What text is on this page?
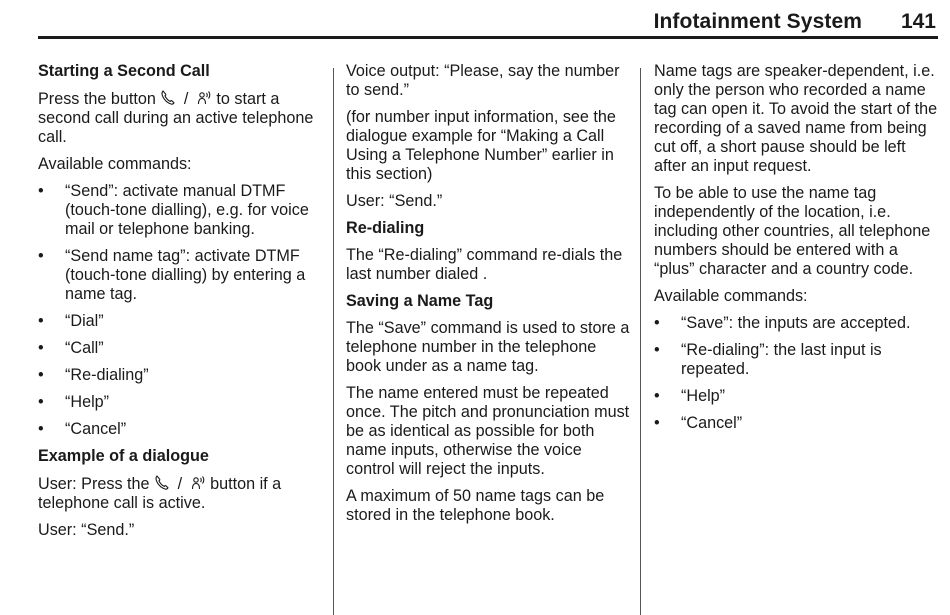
Infotainment System 141
Starting a Second Call

Press the button / to start a second call during an active telephone call.

Available commands:

• “Send”: activate manual DTMF (touch-tone dialling), e.g. for voice mail or telephone banking.
• “Send name tag”: activate DTMF (touch-tone dialling) by entering a name tag.
• “Dial”
• “Call”
• “Re-dialing”
• “Help”
• “Cancel”
Example of a dialogue

User: Press the / button if a telephone call is active.

User: “Send.”

Voice output: “Please, say the number to send.”

(for number input information, see the dialogue example for “Making a Call Using a Telephone Number” earlier in this section)

User: “Send.”

Re-dialing

The “Re-dialing” command re-dials the last number dialed .

Saving a Name Tag

The “Save” command is used to store a telephone number in the telephone book under as a name tag.

The name entered must be repeated once. The pitch and pronunciation must be as identical as possible for both name inputs, otherwise the voice control will reject the inputs.

A maximum of 50 name tags can be stored in the telephone book.

Name tags are speaker-dependent, i.e. only the person who recorded a name tag can open it. To avoid the start of the recording of a saved name from being cut off, a short pause should be left after an input request.

To be able to use the name tag independently of the location, i.e. including other countries, all telephone numbers should be entered with a “plus” character and a country code.

Available commands:

• “Save”: the inputs are accepted.
• “Re-dialing”: the last input is repeated.
• “Help”
• “Cancel”
